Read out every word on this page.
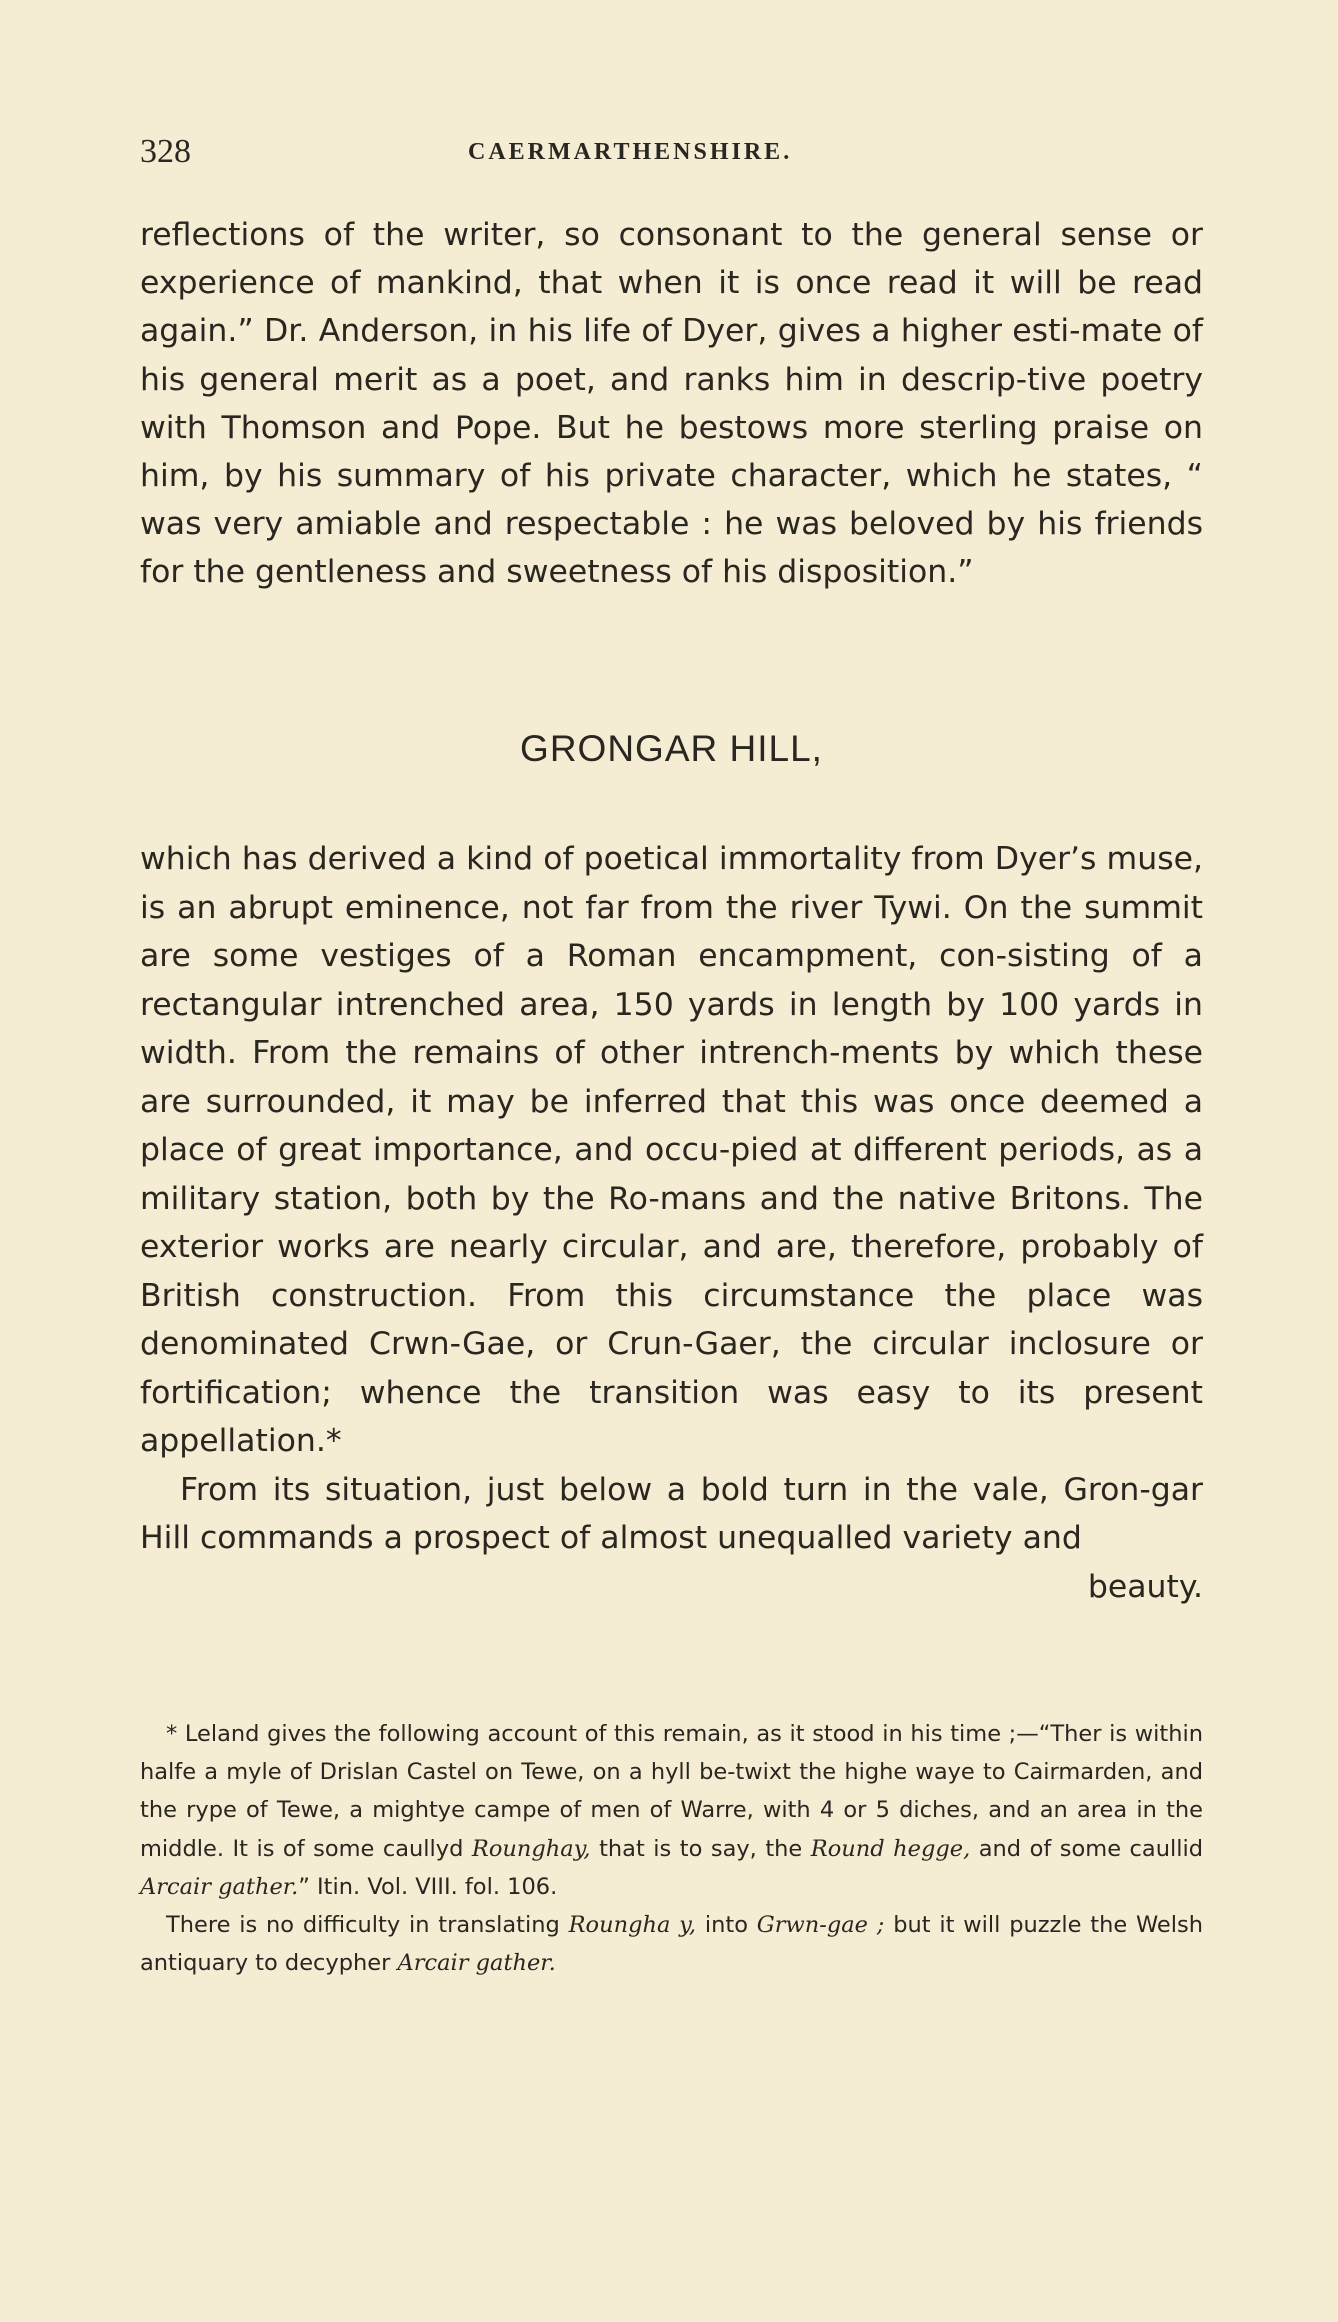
328	CAERMARTHENSHIRE.

reflections of the writer, so consonant to the general sense or experience of mankind, that when it is once read it will be read again.” Dr. Anderson, in his life of Dyer, gives a higher esti-mate of his general merit as a poet, and ranks him in descrip-tive poetry with Thomson and Pope. But he bestows more sterling praise on him, by his summary of his private character, which he states, “ was very amiable and respectable : he was beloved by his friends for the gentleness and sweetness of his disposition.”

GRONGAR HILL,

which has derived a kind of poetical immortality from Dyer’s muse, is an abrupt eminence, not far from the river Tywi. On the summit are some vestiges of a Roman encampment, con-sisting of a rectangular intrenched area, 150 yards in length by 100 yards in width. From the remains of other intrench-ments by which these are surrounded, it may be inferred that this was once deemed a place of great importance, and occu-pied at different periods, as a military station, both by the Ro-mans and the native Britons. The exterior works are nearly circular, and are, therefore, probably of British construction. From this circumstance the place was denominated Crwn-Gae, or Crun-Gaer, the circular inclosure or fortification; whence the transition was easy to its present appellation.*

From its situation, just below a bold turn in the vale, Gron-gar Hill commands a prospect of almost unequalled variety and

beauty.

* Leland gives the following account of this remain, as it stood in his time ;—“Ther is within halfe a myle of Drislan Castel on Tewe, on a hyll be-twixt the highe waye to Cairmarden, and the rype of Tewe, a mightye campe of men of Warre, with 4 or 5 diches, and an area in the middle. It is of some caullyd Rounghay, that is to say, the Round hegge, and of some caullid Arcair gather.” Itin. Vol. VIII. fol. 106.

There is no difficulty in translating Roungha y, into Grwn-gae ; but it will puzzle the Welsh antiquary to decypher Arcair gather.
